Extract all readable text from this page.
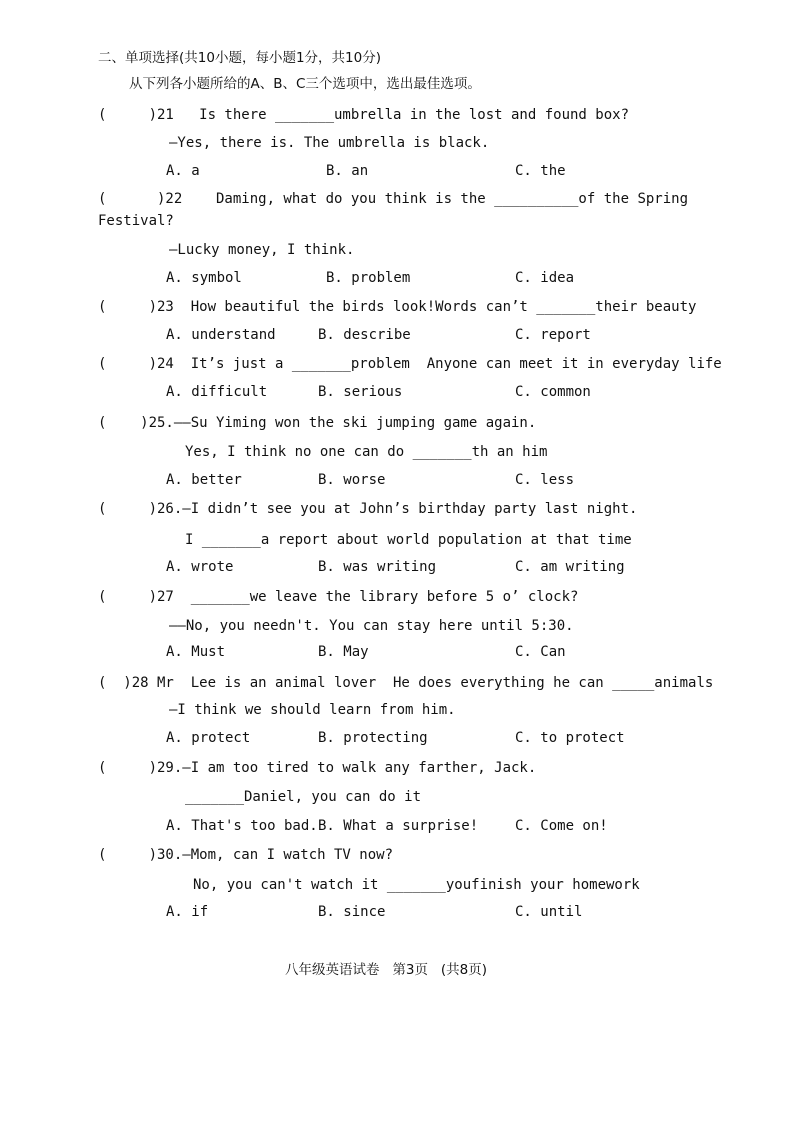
二、单项选择(共10小题，每小题1分，共10分)
从下列各小题所给的A、B、C三个选项中，选出最佳选项。
(     )21   Is there _______umbrella in the lost and found box?
—Yes, there is. The umbrella is black.
A. a	B. an	C. the
(      )22    Daming, what do you think is the __________of the Spring
Festival?
—Lucky money, I think.
A. symbol	B. problem	C. idea
(     )23  How beautiful the birds look!Words can’t _______their beauty
A. understand	B. describe	C. report
(     )24  It’s just a _______problem  Anyone can meet it in everyday life
A. difficult	B. serious	C. common
(    )25.——Su Yiming won the ski jumping game again.
Yes, I think no one can do _______th an him
A. better	B. worse	C. less
(     )26.—I didn’t see you at John’s birthday party last night.
I _______a report about world population at that time
A. wrote	B. was writing	C. am writing
(     )27  _______we leave the library before 5 o’ clock?
——No, you needn't. You can stay here until 5:30.
A. Must	B. May	C. Can
(  )28 Mr  Lee is an animal lover  He does everything he can _____animals
—I think we should learn from him.
A. protect	B. protecting	C. to protect
(     )29.—I am too tired to walk any farther, Jack.
_______Daniel, you can do it
A. That's too bad. B. What a surprise!	C. Come on!
(     )30.—Mom, can I watch TV now?
No, you can't watch it _______youfinish your homework
A. if	B. since	C. until
八年级英语试卷   第3页   (共8页)
